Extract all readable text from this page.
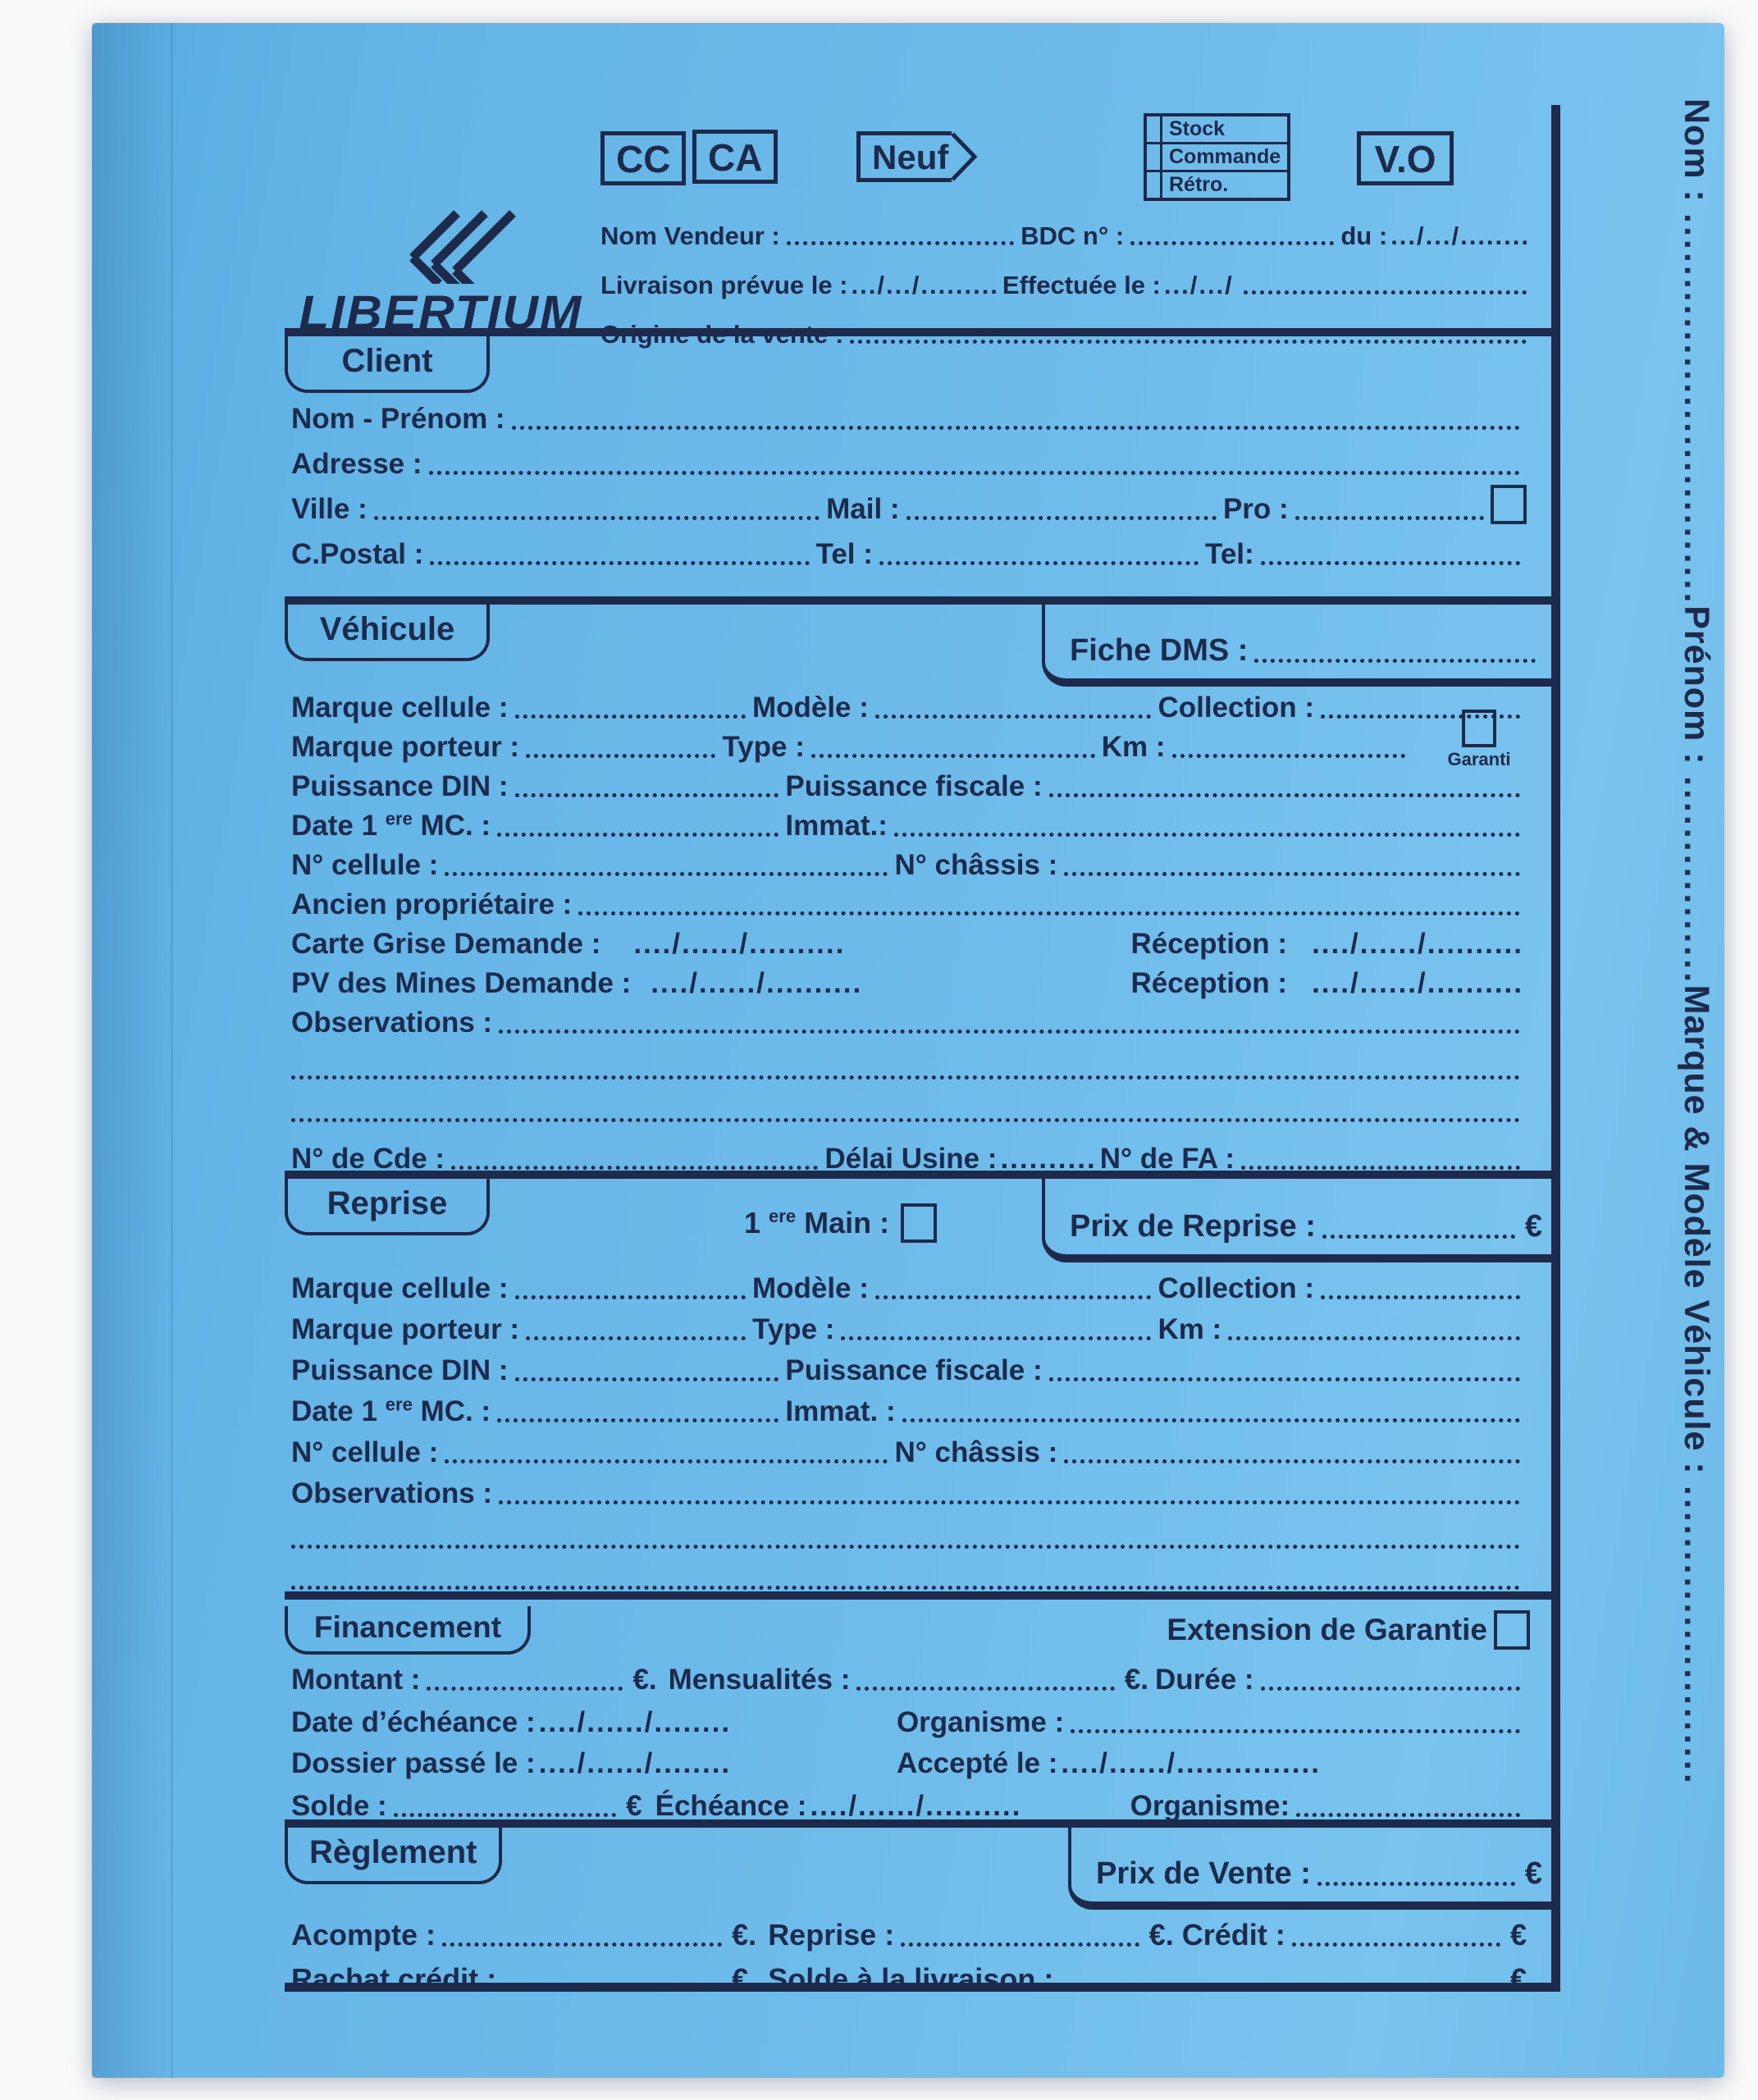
Nom : ..............................Prénom : ................Marque & Modèle Véhicule : .......................
LIBERTIUM
CC CA	Neuf
	Stock
	Commande
	Rétro.
V.O
Nom Vendeur :	BDC n° :	du : .../.../........
Livraison prévue le : .../.../......... Effectuée le : .../.../
Origine de la vente :
Client
Nom - Prénom :
Adresse :
Ville :	Mail :	Pro :
C.Postal :	Tel :	Tel:
Véhicule
Fiche DMS :
Garanti
Marque cellule :	Modèle :	Collection :
Marque porteur :	Type :	Km :
Puissance DIN :	Puissance fiscale :
Date 1 $^{ere}$ MC. :	Immat.:
N° cellule :	N° châssis :
Ancien propriétaire :
Carte Grise Demande : ..../....../..........	Réception : ..../....../..........
PV des Mines Demande : ..../....../..........	Réception : ..../....../..........
Observations :
N° de Cde :	Délai Usine : .......... N° de FA :
Reprise
1 $^{ere}$ Main :	Prix de Reprise :	€
Marque cellule :	Modèle :	Collection :
Marque porteur :	Type :	Km :
Puissance DIN :	Puissance fiscale :
Date 1 $^{ere}$ MC. :	Immat. :
N° cellule :	N° châssis :
Observations :
Financement	Extension de Garantie
Montant :	€. Mensualités :	€. Durée :
Date d’échéance : ..../....../........	Organisme :
Dossier passé le : ..../....../........	Accepté le : ..../....../...............
Solde :	€ Échéance : ..../....../..........	Organisme:
Règlement
Prix de Vente :	€
Acompte :	€. Reprise :	€. Crédit :	€
Rachat crédit :	€. Solde à la livraison :	€
